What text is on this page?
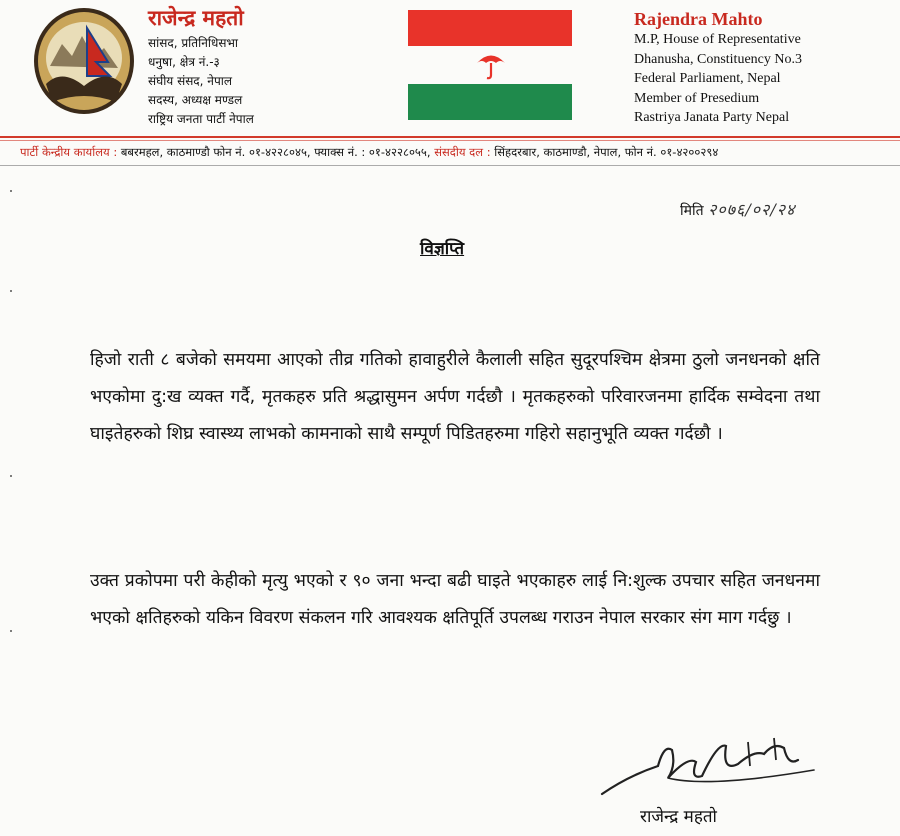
राजेन्द्र महतो
सांसद, प्रतिनिधिसभा
धनुषा, क्षेत्र नं.-३
संघीय संसद, नेपाल
सदस्य, अध्यक्ष मण्डल
राष्ट्रिय जनता पार्टी नेपाल
Rajendra Mahto
M.P, House of Representative
Dhanusha, Constituency No.3
Federal Parliament, Nepal
Member of Presedium
Rastriya Janata Party Nepal
पार्टी केन्द्रीय कार्यालय : बबरमहल, काठमाण्डौ फोन नं. ०१-४२२८०४५, फ्याक्स नं. : ०१-४२२८०५५, संसदीय दल : सिंहदरबार, काठमाण्डौ, नेपाल, फोन नं. ०१-४२००२९४
मिति २०७६/०२/२४
विज्ञप्ति
हिजो राती ८ बजेको समयमा आएको तीव्र गतिको हावाहुरीले कैलाली सहित सुदूरपश्चिम क्षेत्रमा ठुलो जनधनको क्षति भएकोमा दु:ख व्यक्त गर्दै, मृतकहरु प्रति श्रद्धासुमन अर्पण गर्दछौ । मृतकहरुको परिवारजनमा हार्दिक सम्वेदना तथा घाइतेहरुको शिघ्र स्वास्थ्य लाभको कामनाको साथै सम्पूर्ण पिडितहरुमा गहिरो सहानुभूति व्यक्त गर्दछौ ।
उक्त प्रकोपमा परी केहीको मृत्यु भएको र ९० जना भन्दा बढी घाइते भएकाहरु लाई नि:शुल्क उपचार सहित जनधनमा भएको क्षतिहरुको यकिन विवरण संकलन गरि आवश्यक क्षतिपूर्ति उपलब्ध गराउन नेपाल सरकार संग माग गर्दछु ।
राजेन्द्र महतो
